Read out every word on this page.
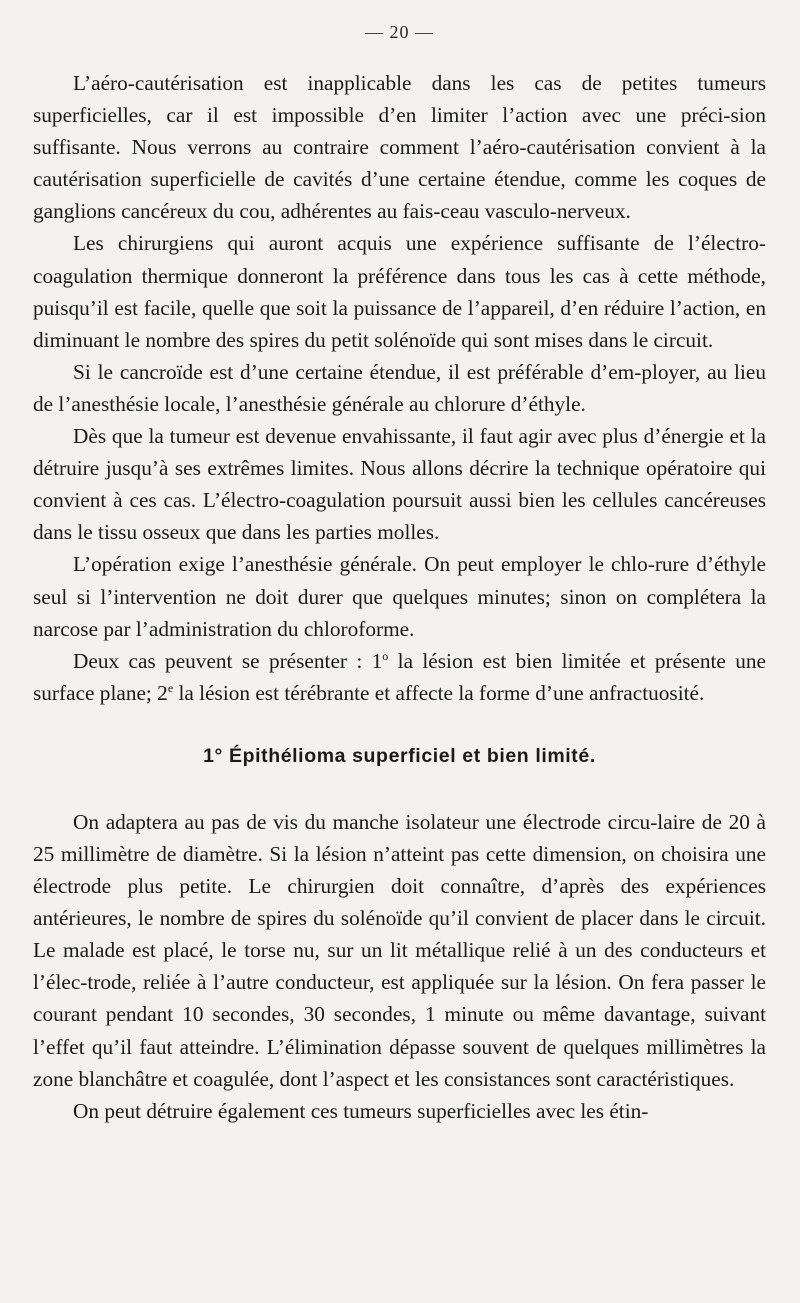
— 20 —

L’aéro-cautérisation est inapplicable dans les cas de petites tumeurs superficielles, car il est impossible d’en limiter l’action avec une préci-sion suffisante. Nous verrons au contraire comment l’aéro-cautérisation convient à la cautérisation superficielle de cavités d’une certaine étendue, comme les coques de ganglions cancéreux du cou, adhérentes au fais-ceau vasculo-nerveux.

Les chirurgiens qui auront acquis une expérience suffisante de l’électro-coagulation thermique donneront la préférence dans tous les cas à cette méthode, puisqu’il est facile, quelle que soit la puissance de l’appareil, d’en réduire l’action, en diminuant le nombre des spires du petit solénoïde qui sont mises dans le circuit.

Si le cancroïde est d’une certaine étendue, il est préférable d’em-ployer, au lieu de l’anesthésie locale, l’anesthésie générale au chlorure d’éthyle.

Dès que la tumeur est devenue envahissante, il faut agir avec plus d’énergie et la détruire jusqu’à ses extrêmes limites. Nous allons décrire la technique opératoire qui convient à ces cas. L’électro-coagulation poursuit aussi bien les cellules cancéreuses dans le tissu osseux que dans les parties molles.

L’opération exige l’anesthésie générale. On peut employer le chlo-rure d’éthyle seul si l’intervention ne doit durer que quelques minutes; sinon on complétera la narcose par l’administration du chloroforme.

Deux cas peuvent se présenter : 1$^o$ la lésion est bien limitée et présente une surface plane; 2e la lésion est térébrante et affecte la forme d’une anfractuosité.

1° Épithélioma superficiel et bien limité.

On adaptera au pas de vis du manche isolateur une électrode circu-laire de 20 à 25 millimètre de diamètre. Si la lésion n’atteint pas cette dimension, on choisira une électrode plus petite. Le chirurgien doit connaître, d’après des expériences antérieures, le nombre de spires du solénoïde qu’il convient de placer dans le circuit. Le malade est placé, le torse nu, sur un lit métallique relié à un des conducteurs et l’élec-trode, reliée à l’autre conducteur, est appliquée sur la lésion. On fera passer le courant pendant 10 secondes, 30 secondes, 1 minute ou même davantage, suivant l’effet qu’il faut atteindre. L’élimination dépasse souvent de quelques millimètres la zone blanchâtre et coagulée, dont l’aspect et les consistances sont caractéristiques.

On peut détruire également ces tumeurs superficielles avec les étin-
